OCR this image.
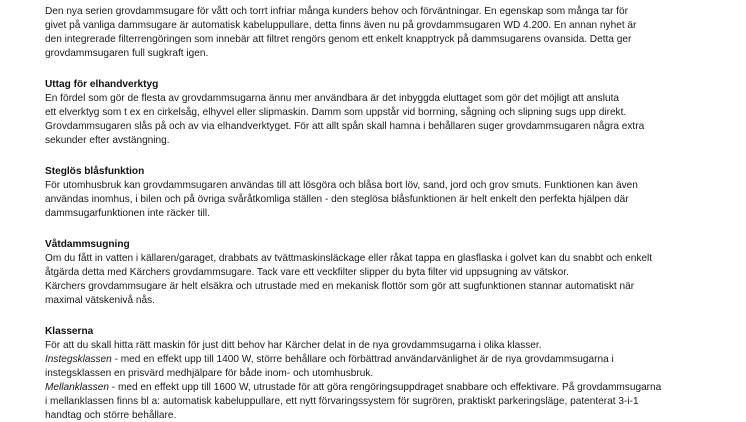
Den nya serien grovdammsugare för vått och torrt infriar många kunders behov och förväntningar. En egenskap som många tar för
givet på vanliga dammsugare är automatisk kabeluppullare, detta finns även nu på grovdammsugaren WD 4.200. En annan nyhet är
den integrerade filterrengöringen som innebär att filtret rengörs genom ett enkelt knapptryck på dammsugarens ovansida. Detta ger
grovdammsugaren full sugkraft igen.
Uttag för elhandverktyg
En fördel som gör de flesta av grovdammsugarna ännu mer användbara är det inbyggda eluttaget som gör det möjligt att ansluta
ett elverktyg som t ex en cirkelsåg, elhyvel eller slipmaskin. Damm som uppstår vid borrning, sågning och slipning sugs upp direkt.
Grovdammsugaren slås på och av via elhandverktyget. För att allt spån skall hamna i behållaren suger grovdammsugaren några extra
sekunder efter avstängning.
Steglös blåsfunktion
För utomhusbruk kan grovdammsugaren användas till att lösgöra och blåsa bort löv, sand, jord och grov smuts. Funktionen kan även
användas inomhus, i bilen och på övriga svåråtkomliga ställen - den steglösa blåsfunktionen är helt enkelt den perfekta hjälpen där
dammsugarfunktionen inte räcker till.
Våtdammsugning
Om du fått in vatten i källaren/garaget, drabbats av tvättmaskinsläckage eller råkat tappa en glasflaska i golvet kan du snabbt och enkelt
åtgärda detta med Kärchers grovdammsugare. Tack vare ett veckfilter slipper du byta filter vid uppsugning av vätskor.
Kärchers grovdammsugare är helt elsäkra och utrustade med en mekanisk flottör som gör att sugfunktionen stannar automatiskt när
maximal vätskenivå nås.
Klasserna
För att du skall hitta rätt maskin för just ditt behov har Kärcher delat in de nya grovdammsugarna i olika klasser.
Instegsklassen - med en effekt upp till 1400 W, större behållare och förbättrad användarvänlighet är de nya grovdammsugarna i
instegsklassen en prisvärd medhjälpare för både inom- och utomhusbruk.
Mellanklassen - med en effekt upp till 1600 W, utrustade för att göra rengöringsuppdraget snabbare och effektivare. På grovdammsugarna
i mellanklassen finns bl a: automatisk kabeluppullare, ett nytt förvaringssystem för sugrören, praktiskt parkeringsläge, patenterat 3-i-1
handtag och större behållare.
